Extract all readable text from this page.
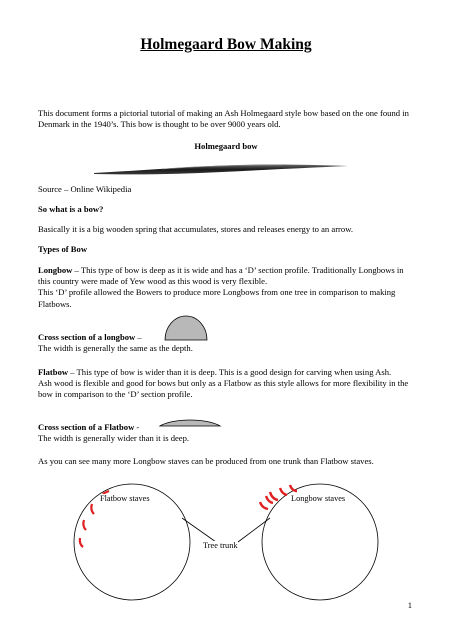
Holmegaard Bow Making
This document forms a pictorial tutorial of making an Ash Holmegaard style bow based on the one found in Denmark in the 1940’s. This bow is thought to be over 9000 years old.
Holmegaard bow
Source – Online Wikipedia
So what is a bow?
Basically it is a big wooden spring that accumulates, stores and releases energy to an arrow.
Types of Bow
Longbow – This type of bow is deep as it is wide and has a ‘D’ section profile. Traditionally Longbows in this country were made of Yew wood as this wood is very flexible.
This ‘D’ profile allowed the Bowers to produce more Longbows from one tree in comparison to making Flatbows.
Cross section of a longbow –
The width is generally the same as the depth.
Flatbow – This type of bow is wider than it is deep. This is a good design for carving when using Ash.
Ash wood is flexible and good for bows but only as a Flatbow as this style allows for more flexibility in the bow in comparison to the ‘D’ section profile.
Cross section of a Flatbow -
The width is generally wider than it is deep.
As you can see many more Longbow staves can be produced from one trunk than Flatbow staves.
Flatbow staves	Longbow staves
Tree trunk
1
